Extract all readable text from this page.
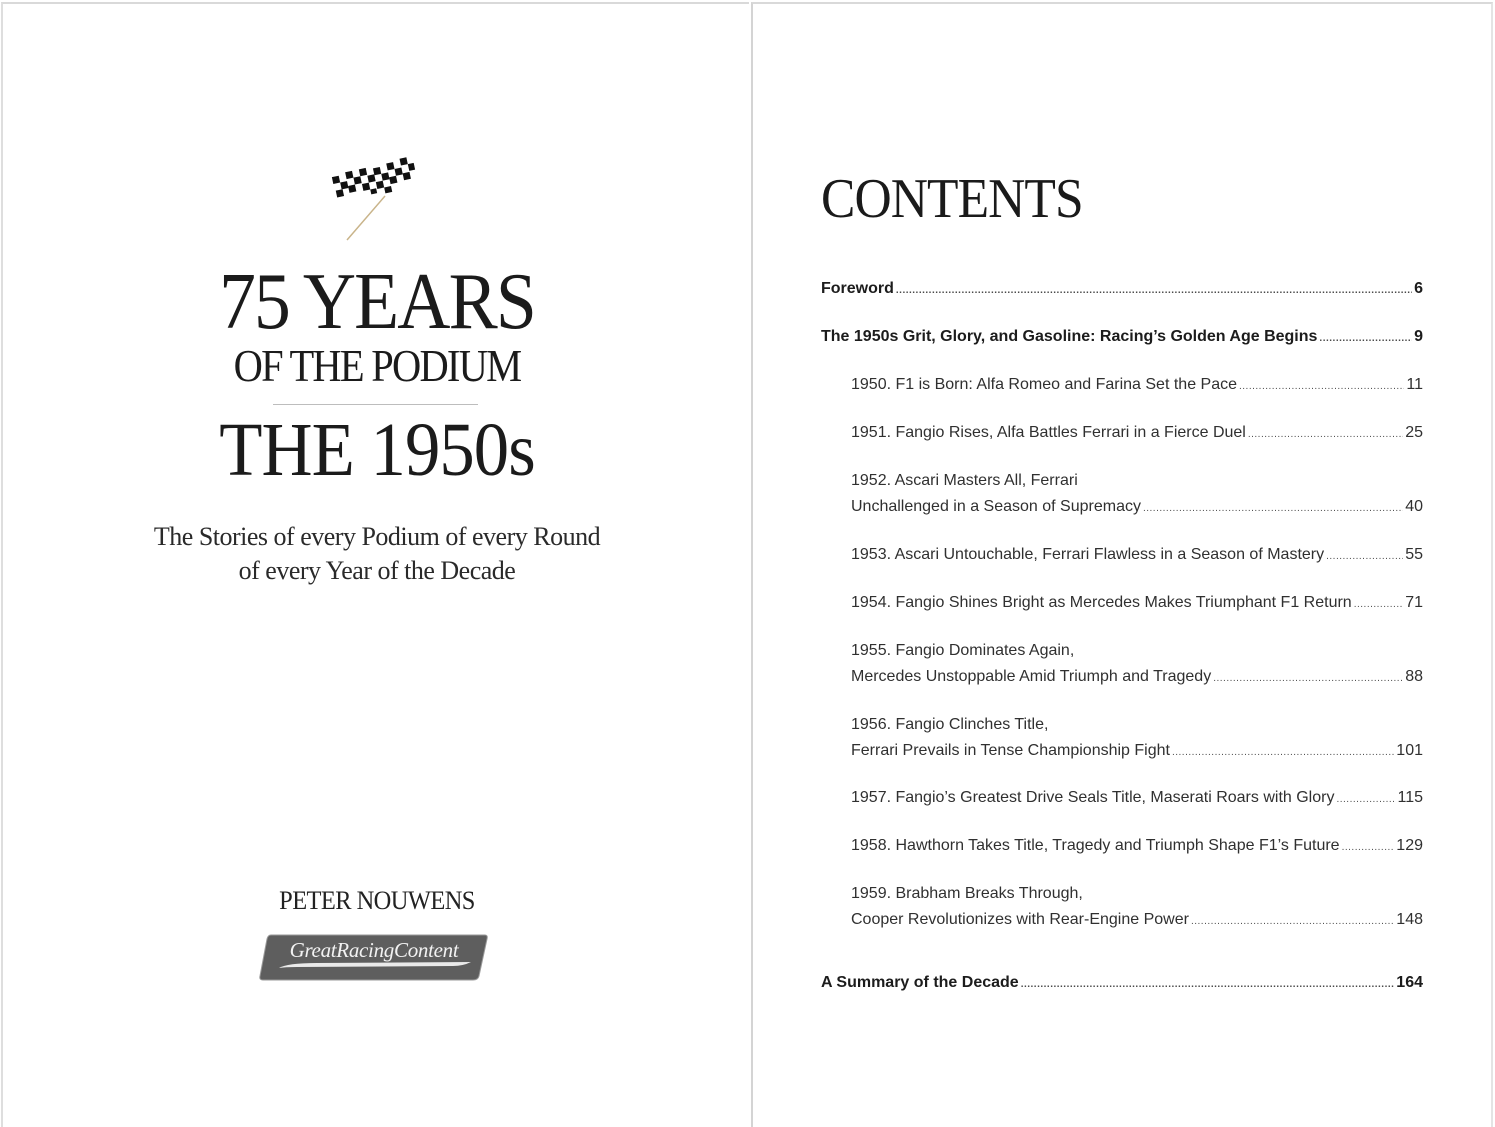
75 YEARS
OF THE PODIUM
THE 1950s
The Stories of every Podium of every Round
of every Year of the Decade
PETER NOUWENS
GreatRacingContent
CONTENTS
Foreword .....	6
The 1950s Grit, Glory, and Gasoline: Racing’s Golden Age Begins .....	9
1950. F1 is Born: Alfa Romeo and Farina Set the Pace .....	11
1951. Fangio Rises, Alfa Battles Ferrari in a Fierce Duel .....	25
1952. Ascari Masters All, Ferrari
Unchallenged in a Season of Supremacy .....	40
1953. Ascari Untouchable, Ferrari Flawless in a Season of Mastery .....	55
1954. Fangio Shines Bright as Mercedes Makes Triumphant F1 Return .....	71
1955. Fangio Dominates Again,
Mercedes Unstoppable Amid Triumph and Tragedy .....	88
1956. Fangio Clinches Title,
Ferrari Prevails in Tense Championship Fight .....	101
1957. Fangio’s Greatest Drive Seals Title, Maserati Roars with Glory .....	115
1958. Hawthorn Takes Title, Tragedy and Triumph Shape F1’s Future .....	129
1959. Brabham Breaks Through,
Cooper Revolutionizes with Rear-Engine Power .....	148
A Summary of the Decade .....	164
